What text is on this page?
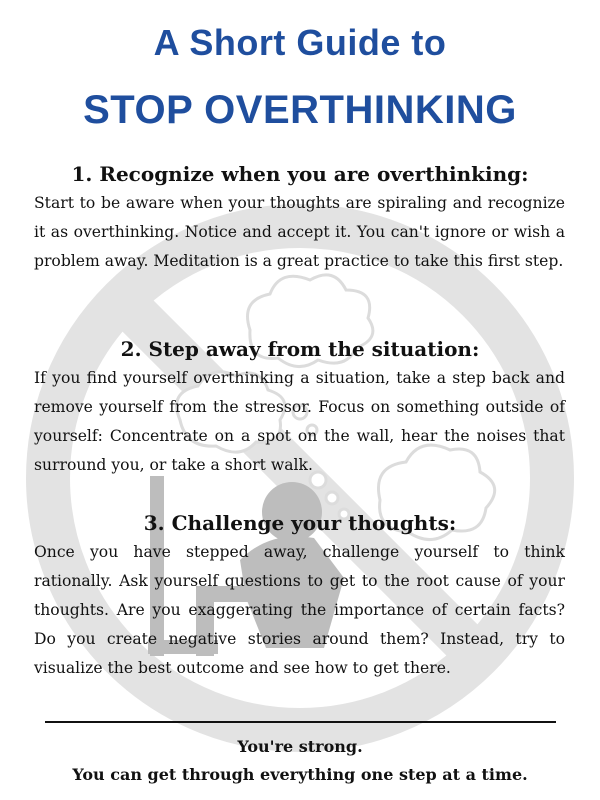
A Short Guide to
STOP OVERTHINKING
1. Recognize when you are overthinking:

Start to be aware when your thoughts are spiraling and recognize it as overthinking. Notice and accept it. You can't ignore or wish a problem away. Meditation is a great practice to take this first step.

2. Step away from the situation:

If you find yourself overthinking a situation, take a step back and remove yourself from the stressor. Focus on something outside of yourself: Concentrate on a spot on the wall, hear the noises that surround you, or take a short walk.

3. Challenge your thoughts:

Once you have stepped away, challenge yourself to think rationally. Ask yourself questions to get to the root cause of your thoughts. Are you exaggerating the importance of certain facts? Do you create negative stories around them? Instead, try to visualize the best outcome and see how to get there.

You're strong.
You can get through everything one step at a time.
